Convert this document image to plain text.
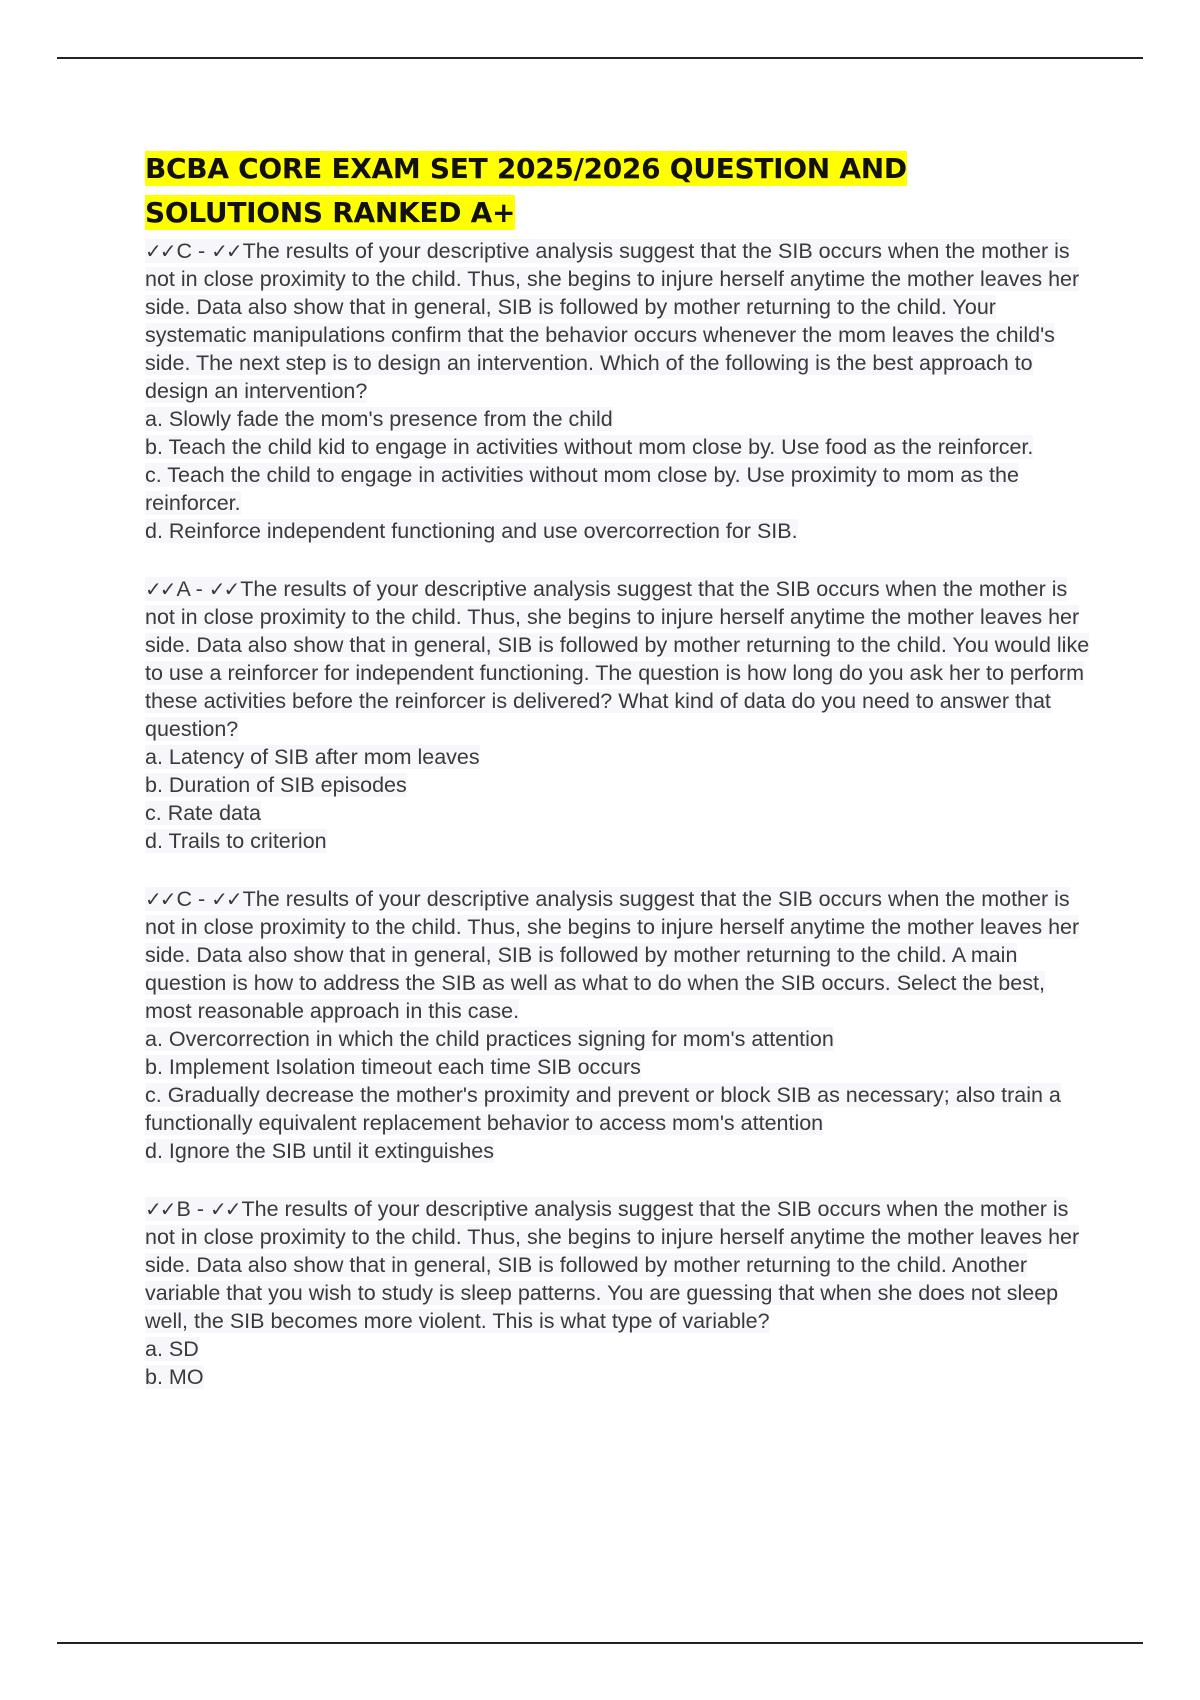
BCBA CORE EXAM SET 2025/2026 QUESTION AND
SOLUTIONS RANKED A+
✓✓C - ✓✓The results of your descriptive analysis suggest that the SIB occurs when the mother is not in close proximity to the child. Thus, she begins to injure herself anytime the mother leaves her side. Data also show that in general, SIB is followed by mother returning to the child. Your systematic manipulations confirm that the behavior occurs whenever the mom leaves the child's side. The next step is to design an intervention. Which of the following is the best approach to design an intervention?

a. Slowly fade the mom's presence from the child

b. Teach the child kid to engage in activities without mom close by. Use food as the reinforcer.

c. Teach the child to engage in activities without mom close by. Use proximity to mom as the reinforcer.

d. Reinforce independent functioning and use overcorrection for SIB.

✓✓A - ✓✓The results of your descriptive analysis suggest that the SIB occurs when the mother is not in close proximity to the child. Thus, she begins to injure herself anytime the mother leaves her side. Data also show that in general, SIB is followed by mother returning to the child. You would like to use a reinforcer for independent functioning. The question is how long do you ask her to perform these activities before the reinforcer is delivered? What kind of data do you need to answer that question?

a. Latency of SIB after mom leaves

b. Duration of SIB episodes

c. Rate data

d. Trails to criterion

✓✓C - ✓✓The results of your descriptive analysis suggest that the SIB occurs when the mother is not in close proximity to the child. Thus, she begins to injure herself anytime the mother leaves her side. Data also show that in general, SIB is followed by mother returning to the child. A main question is how to address the SIB as well as what to do when the SIB occurs. Select the best, most reasonable approach in this case.

a. Overcorrection in which the child practices signing for mom's attention

b. Implement Isolation timeout each time SIB occurs

c. Gradually decrease the mother's proximity and prevent or block SIB as necessary; also train a functionally equivalent replacement behavior to access mom's attention

d. Ignore the SIB until it extinguishes

✓✓B - ✓✓The results of your descriptive analysis suggest that the SIB occurs when the mother is not in close proximity to the child. Thus, she begins to injure herself anytime the mother leaves her side. Data also show that in general, SIB is followed by mother returning to the child. Another variable that you wish to study is sleep patterns. You are guessing that when she does not sleep well, the SIB becomes more violent. This is what type of variable?

a. SD

b. MO
